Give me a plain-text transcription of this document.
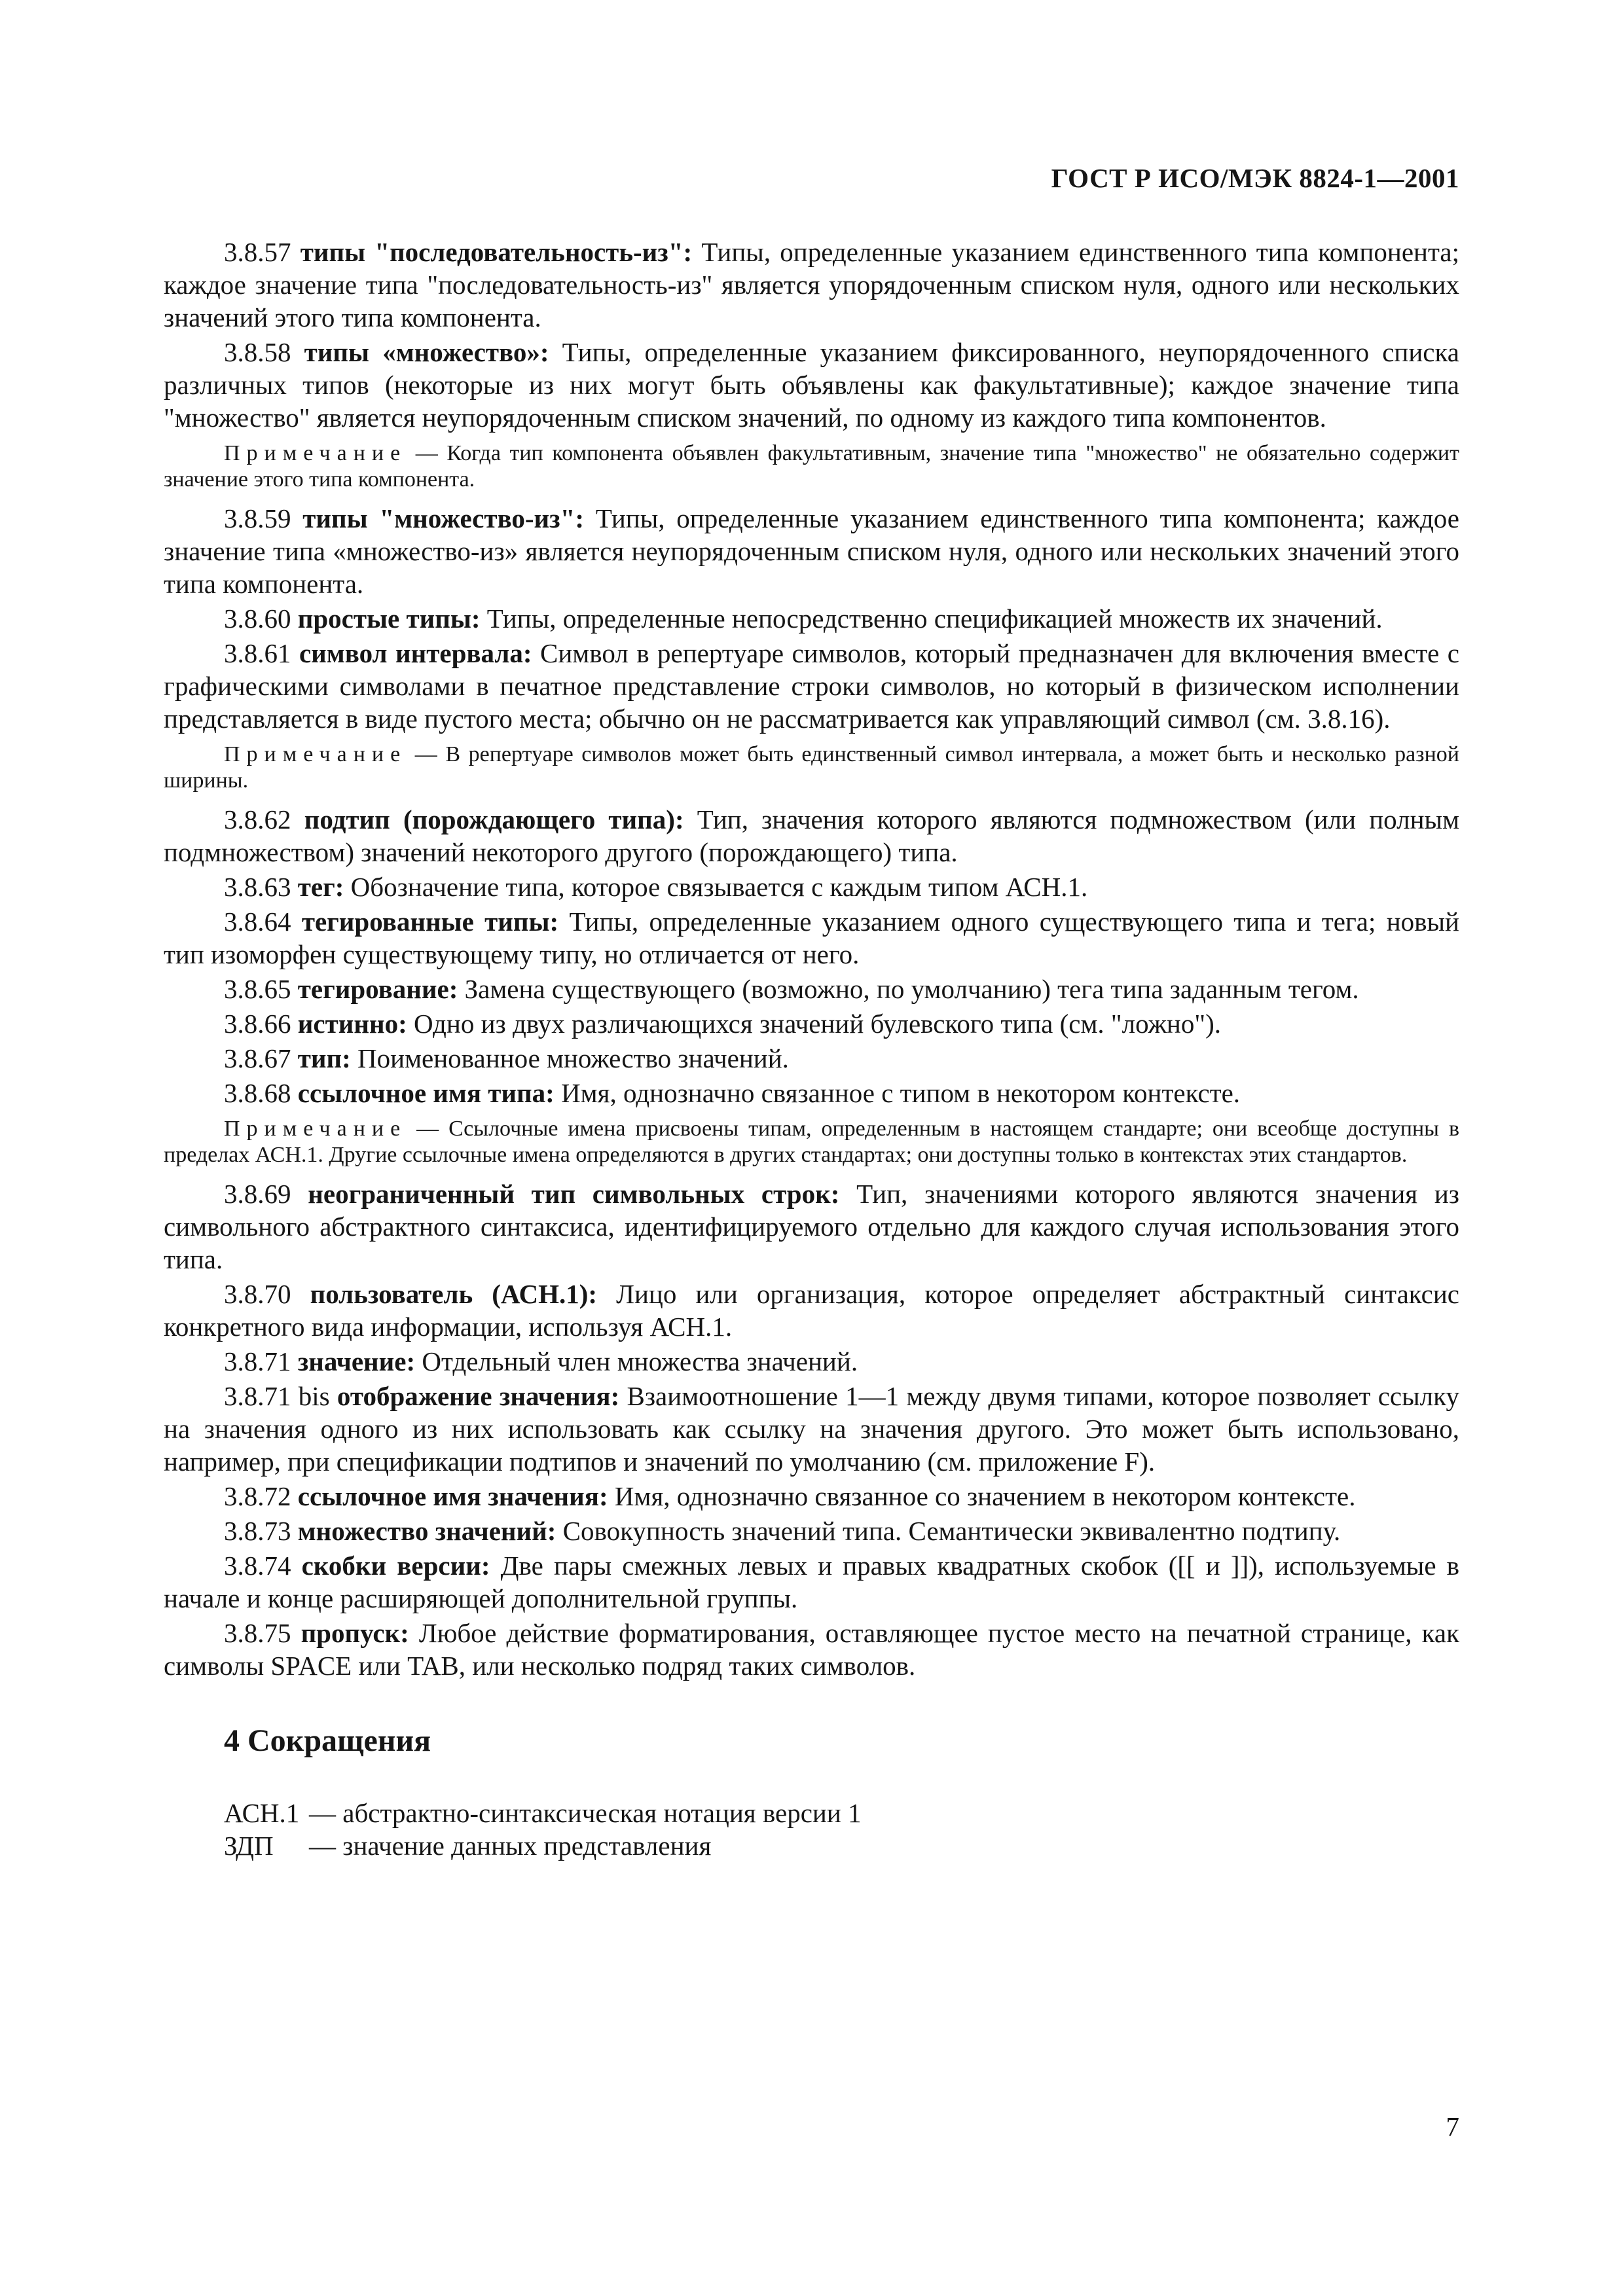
ГОСТ Р ИСО/МЭК 8824-1—2001

3.8.57 типы "последовательность-из": Типы, определенные указанием единственного типа компонента; каждое значение типа "последовательность-из" является упорядоченным списком нуля, одного или нескольких значений этого типа компонента.

3.8.58 типы «множество»: Типы, определенные указанием фиксированного, неупорядоченного списка различных типов (некоторые из них могут быть объявлены как факультативные); каждое значение типа "множество" является неупорядоченным списком значений, по одному из каждого типа компонентов.

Примечание — Когда тип компонента объявлен факультативным, значение типа "множество" не обязательно содержит значение этого типа компонента.

3.8.59 типы "множество-из": Типы, определенные указанием единственного типа компонента; каждое значение типа «множество-из» является неупорядоченным списком нуля, одного или нескольких значений этого типа компонента.

3.8.60 простые типы: Типы, определенные непосредственно спецификацией множеств их значений.

3.8.61 символ интервала: Символ в репертуаре символов, который предназначен для включения вместе с графическими символами в печатное представление строки символов, но который в физическом исполнении представляется в виде пустого места; обычно он не рассматривается как управляющий символ (см. 3.8.16).

Примечание — В репертуаре символов может быть единственный символ интервала, а может быть и несколько разной ширины.

3.8.62 подтип (порождающего типа): Тип, значения которого являются подмножеством (или полным подмножеством) значений некоторого другого (порождающего) типа.

3.8.63 тег: Обозначение типа, которое связывается с каждым типом АСН.1.

3.8.64 тегированные типы: Типы, определенные указанием одного существующего типа и тега; новый тип изоморфен существующему типу, но отличается от него.

3.8.65 тегирование: Замена существующего (возможно, по умолчанию) тега типа заданным тегом.

3.8.66 истинно: Одно из двух различающихся значений булевского типа (см. "ложно").

3.8.67 тип: Поименованное множество значений.

3.8.68 ссылочное имя типа: Имя, однозначно связанное с типом в некотором контексте.

Примечание — Ссылочные имена присвоены типам, определенным в настоящем стандарте; они всеобще доступны в пределах АСН.1. Другие ссылочные имена определяются в других стандартах; они доступны только в контекстах этих стандартов.

3.8.69 неограниченный тип символьных строк: Тип, значениями которого являются значения из символьного абстрактного синтаксиса, идентифицируемого отдельно для каждого случая использования этого типа.

3.8.70 пользователь (АСН.1): Лицо или организация, которое определяет абстрактный синтаксис конкретного вида информации, используя АСН.1.

3.8.71 значение: Отдельный член множества значений.

3.8.71 bis отображение значения: Взаимоотношение 1—1 между двумя типами, которое позволяет ссылку на значения одного из них использовать как ссылку на значения другого. Это может быть использовано, например, при спецификации подтипов и значений по умолчанию (см. приложение F).

3.8.72 ссылочное имя значения: Имя, однозначно связанное со значением в некотором контексте.

3.8.73 множество значений: Совокупность значений типа. Семантически эквивалентно подтипу.

3.8.74 скобки версии: Две пары смежных левых и правых квадратных скобок ([[ и ]]), используемые в начале и конце расширяющей дополнительной группы.

3.8.75 пропуск: Любое действие форматирования, оставляющее пустое место на печатной странице, как символы SPACE или TAB, или несколько подряд таких символов.

4 Сокращения
АСН.1 — абстрактно-синтаксическая нотация версии 1
ЗДП	— значение данных представления
7
